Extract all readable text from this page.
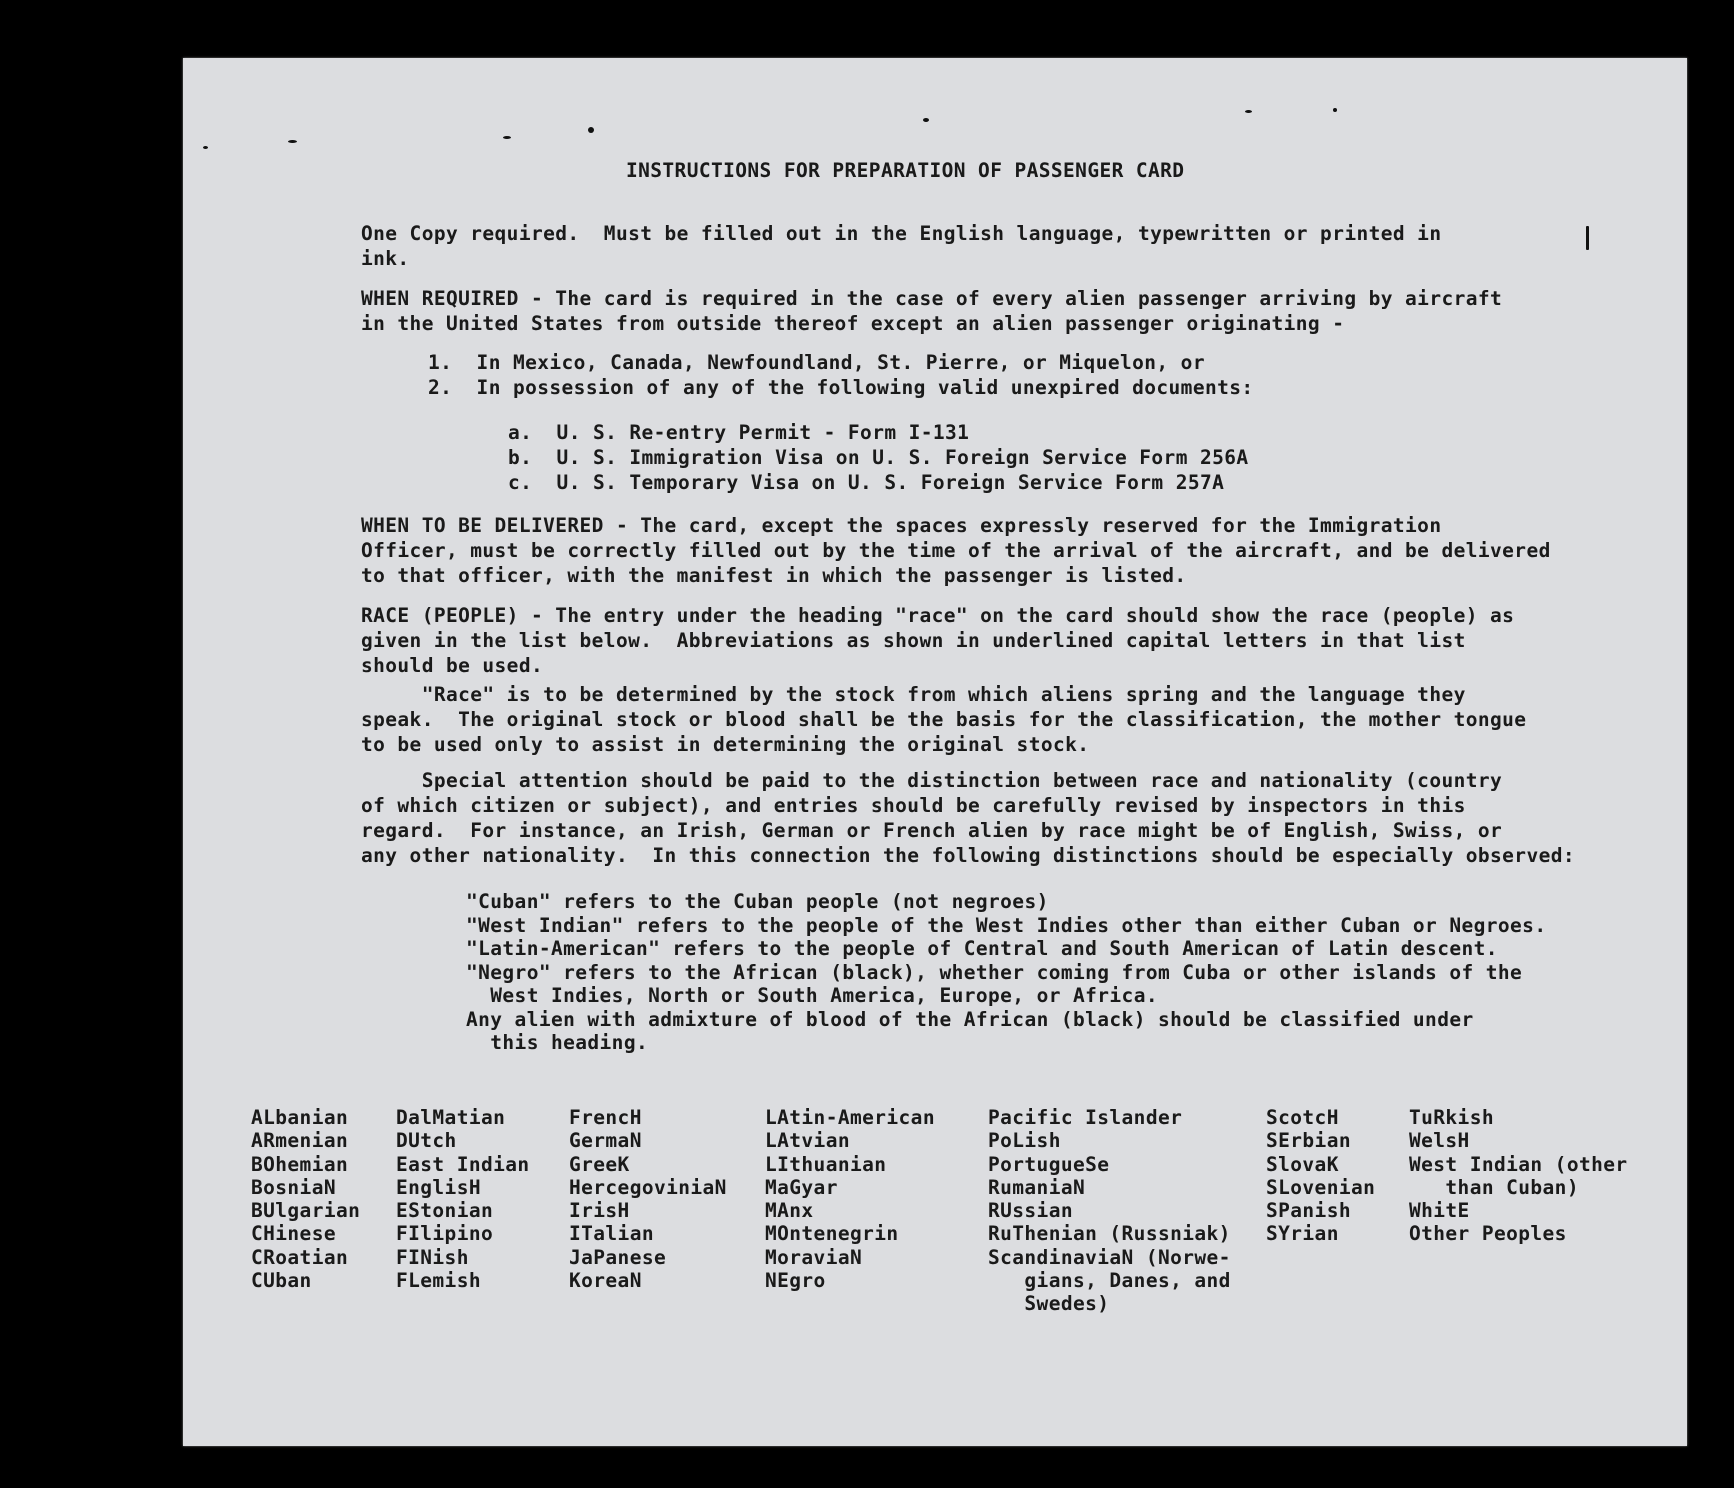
INSTRUCTIONS FOR PREPARATION OF PASSENGER CARD

One Copy required.  Must be filled out in the English language, typewritten or printed in
ink.

WHEN REQUIRED - The card is required in the case of every alien passenger arriving by aircraft
in the United States from outside thereof except an alien passenger originating -

1.  In Mexico, Canada, Newfoundland, St. Pierre, or Miquelon, or
2.  In possession of any of the following valid unexpired documents:

a.  U. S. Re-entry Permit - Form I-131
b.  U. S. Immigration Visa on U. S. Foreign Service Form 256A
c.  U. S. Temporary Visa on U. S. Foreign Service Form 257A

WHEN TO BE DELIVERED - The card, except the spaces expressly reserved for the Immigration
Officer, must be correctly filled out by the time of the arrival of the aircraft, and be delivered
to that officer, with the manifest in which the passenger is listed.

RACE (PEOPLE) - The entry under the heading "race" on the card should show the race (people) as
given in the list below.  Abbreviations as shown in underlined capital letters in that list
should be used.

"Race" is to be determined by the stock from which aliens spring and the language they
speak.  The original stock or blood shall be the basis for the classification, the mother tongue
to be used only to assist in determining the original stock.

Special attention should be paid to the distinction between race and nationality (country
of which citizen or subject), and entries should be carefully revised by inspectors in this
regard.  For instance, an Irish, German or French alien by race might be of English, Swiss, or
any other nationality.  In this connection the following distinctions should be especially observed:

"Cuban" refers to the Cuban people (not negroes)
"West Indian" refers to the people of the West Indies other than either Cuban or Negroes.
"Latin-American" refers to the people of Central and South American of Latin descent.
"Negro" refers to the African (black), whether coming from Cuba or other islands of the
West Indies, North or South America, Europe, or Africa.
Any alien with admixture of blood of the African (black) should be classified under
this heading.

ALbanian
ARmenian
BOhemian
BosniaN
BUlgarian
CHinese
CRoatian
CUban
DalMatian
DUtch
East Indian
EnglisH
EStonian
FIlipino
FINish
FLemish
FrencH
GermaN
GreeK
HercegoviniaN
IrisH
ITalian
JaPanese
KoreaN
LAtin-American
LAtvian
LIthuanian
MaGyar
MAnx
MOntenegrin
MoraviaN
NEgro
Pacific Islander
PoLish
PortugueSe
RumaniaN
RUssian
RuThenian (Russniak)
ScandinaviaN (Norwe-
gians, Danes, and
Swedes)
ScotcH
SErbian
SlovaK
SLovenian
SPanish
SYrian
TuRkish
WelsH
West Indian (other
than Cuban)
WhitE
Other Peoples
